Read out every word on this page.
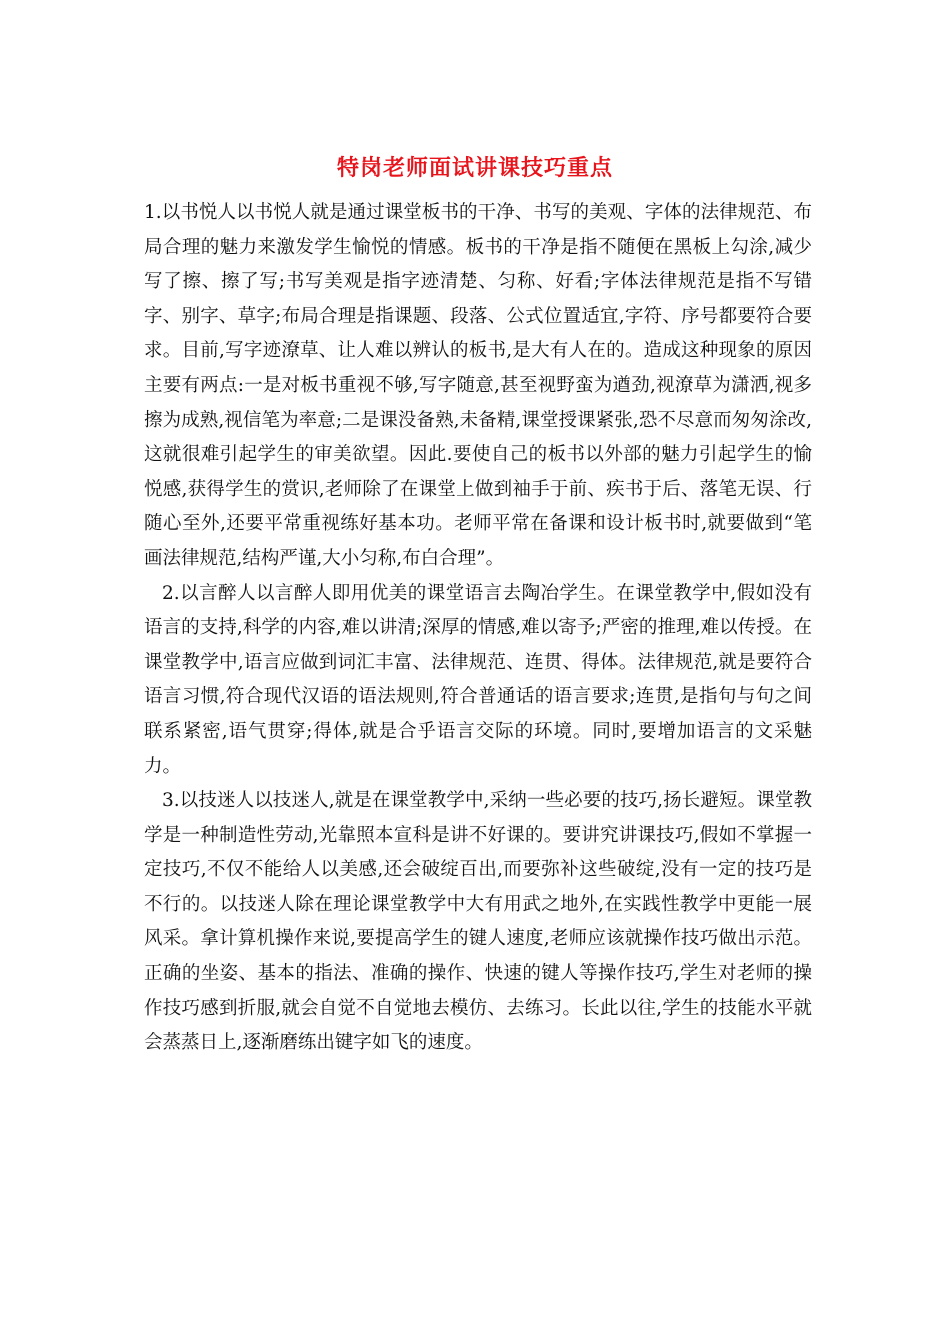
特岗老师面试讲课技巧重点

1.以书悦人以书悦人就是通过课堂板书的干净、书写的美观、字体的法律规范、布局合理的魅力来激发学生愉悦的情感。板书的干净是指不随便在黑板上勾涂,减少写了擦、擦了写;书写美观是指字迹清楚、匀称、好看;字体法律规范是指不写错字、别字、草字;布局合理是指课题、段落、公式位置适宜,字符、序号都要符合要求。目前,写字迹潦草、让人难以辨认的板书,是大有人在的。造成这种现象的原因主要有两点:一是对板书重视不够,写字随意,甚至视野蛮为遒劲,视潦草为潇洒,视多擦为成熟,视信笔为率意;二是课没备熟,未备精,课堂授课紧张,恐不尽意而匆匆涂改,这就很难引起学生的审美欲望。因此.要使自己的板书以外部的魅力引起学生的愉悦感,获得学生的赏识,老师除了在课堂上做到袖手于前、疾书于后、落笔无误、行随心至外,还要平常重视练好基本功。老师平常在备课和设计板书时,就要做到“笔画法律规范,结构严谨,大小匀称,布白合理”。

2.以言醉人以言醉人即用优美的课堂语言去陶冶学生。在课堂教学中,假如没有语言的支持,科学的内容,难以讲清;深厚的情感,难以寄予;严密的推理,难以传授。在课堂教学中,语言应做到词汇丰富、法律规范、连贯、得体。法律规范,就是要符合语言习惯,符合现代汉语的语法规则,符合普通话的语言要求;连贯,是指句与句之间联系紧密,语气贯穿;得体,就是合乎语言交际的环境。同时,要增加语言的文采魅力。

3.以技迷人以技迷人,就是在课堂教学中,采纳一些必要的技巧,扬长避短。课堂教学是一种制造性劳动,光靠照本宣科是讲不好课的。要讲究讲课技巧,假如不掌握一定技巧,不仅不能给人以美感,还会破绽百出,而要弥补这些破绽,没有一定的技巧是不行的。以技迷人除在理论课堂教学中大有用武之地外,在实践性教学中更能一展风采。拿计算机操作来说,要提高学生的键人速度,老师应该就操作技巧做出示范。正确的坐姿、基本的指法、准确的操作、快速的键人等操作技巧,学生对老师的操作技巧感到折服,就会自觉不自觉地去模仿、去练习。长此以往,学生的技能水平就会蒸蒸日上,逐渐磨练出键字如飞的速度。
